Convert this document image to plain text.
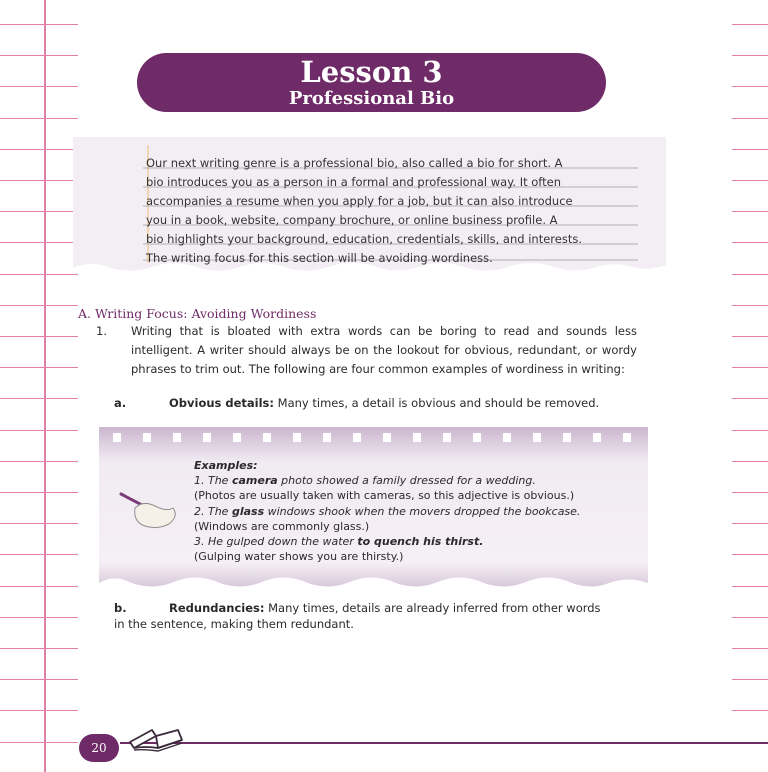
Lesson 3
Professional Bio
Our next writing genre is a professional bio, also called a bio for short. A
bio introduces you as a person in a formal and professional way. It often
accompanies a resume when you apply for a job, but it can also introduce
you in a book, website, company brochure, or online business profile. A
bio highlights your background, education, credentials, skills, and interests.
The writing focus for this section will be avoiding wordiness.
A. Writing Focus: Avoiding Wordiness
1. Writing that is bloated with extra words can be boring to read and sounds less intelligent. A writer should always be on the lookout for obvious, redundant, or wordy phrases to trim out. The following are four common examples of wordiness in writing:
a.	Obvious details: Many times, a detail is obvious and should be removed.
Examples:
1. The camera photo showed a family dressed for a wedding.
(Photos are usually taken with cameras, so this adjective is obvious.)
2. The glass windows shook when the movers dropped the bookcase.
(Windows are commonly glass.)
3. He gulped down the water to quench his thirst.
(Gulping water shows you are thirsty.)
b.	Redundancies: Many times, details are already inferred from other words
in the sentence, making them redundant.
20
